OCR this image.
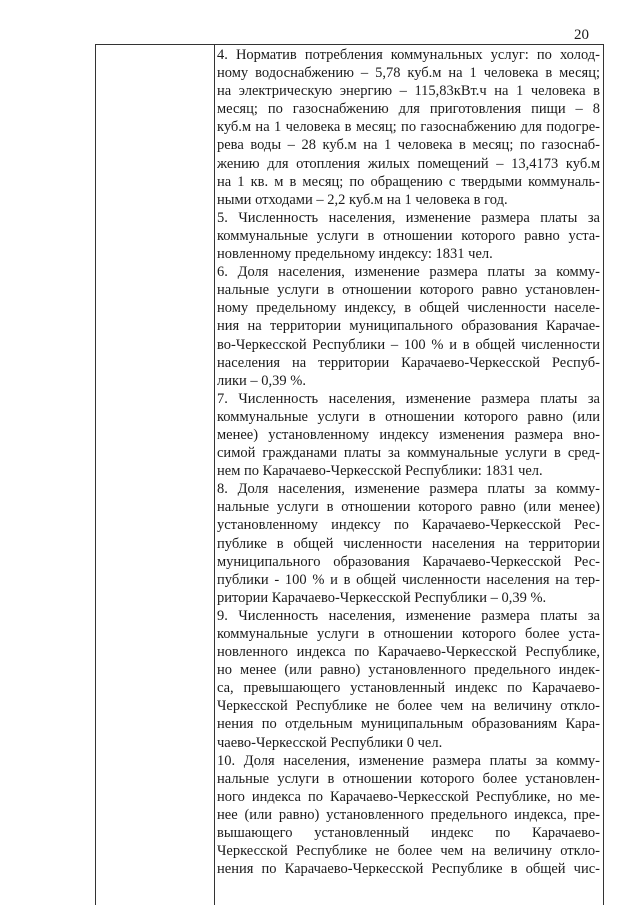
20
4. Норматив потребления коммунальных услуг: по холод-
ному водоснабжению – 5,78 куб.м на 1 человека в месяц;
на электрическую энергию – 115,83кВт.ч на 1 человека в
месяц; по газоснабжению для приготовления пищи – 8
куб.м на 1 человека в месяц; по газоснабжению для подогре-
рева воды – 28 куб.м на 1 человека в месяц; по газоснаб-
жению для отопления жилых помещений – 13,4173 куб.м
на 1 кв. м в месяц; по обращению с твердыми коммуналь-
ными отходами – 2,2 куб.м на 1 человека в год.
5. Численность населения, изменение размера платы за
коммунальные услуги в отношении которого равно уста-
новленному предельному индексу: 1831 чел.
6. Доля населения, изменение размера платы за комму-
нальные услуги в отношении которого равно установлен-
ному предельному индексу, в общей численности населе-
ния на территории муниципального образования Карачае-
во-Черкесской Республики – 100 % и в общей численности
населения на территории Карачаево-Черкесской Респуб-
лики – 0,39 %.
7. Численность населения, изменение размера платы за
коммунальные услуги в отношении которого равно (или
менее) установленному индексу изменения размера вно-
симой гражданами платы за коммунальные услуги в сред-
нем по Карачаево-Черкесской Республики: 1831 чел.
8. Доля населения, изменение размера платы за комму-
нальные услуги в отношении которого равно (или менее)
установленному индексу по Карачаево-Черкесской Рес-
публике в общей численности населения на территории
муниципального образования Карачаево-Черкесской Рес-
публики - 100 % и в общей численности населения на тер-
ритории Карачаево-Черкесской Республики – 0,39 %.
9. Численность населения, изменение размера платы за
коммунальные услуги в отношении которого более уста-
новленного индекса по Карачаево-Черкесской Республике,
но менее (или равно) установленного предельного индек-
са, превышающего установленный индекс по Карачаево-
Черкесской Республике не более чем на величину откло-
нения по отдельным муниципальным образованиям Кара-
чаево-Черкесской Республики 0 чел.
10. Доля населения, изменение размера платы за комму-
нальные услуги в отношении которого более установлен-
ного индекса по Карачаево-Черкесской Республике, но ме-
нее (или равно) установленного предельного индекса, пре-
вышающего установленный индекс по Карачаево-
Черкесской Республике не более чем на величину откло-
нения по Карачаево-Черкесской Республике в общей чис-
